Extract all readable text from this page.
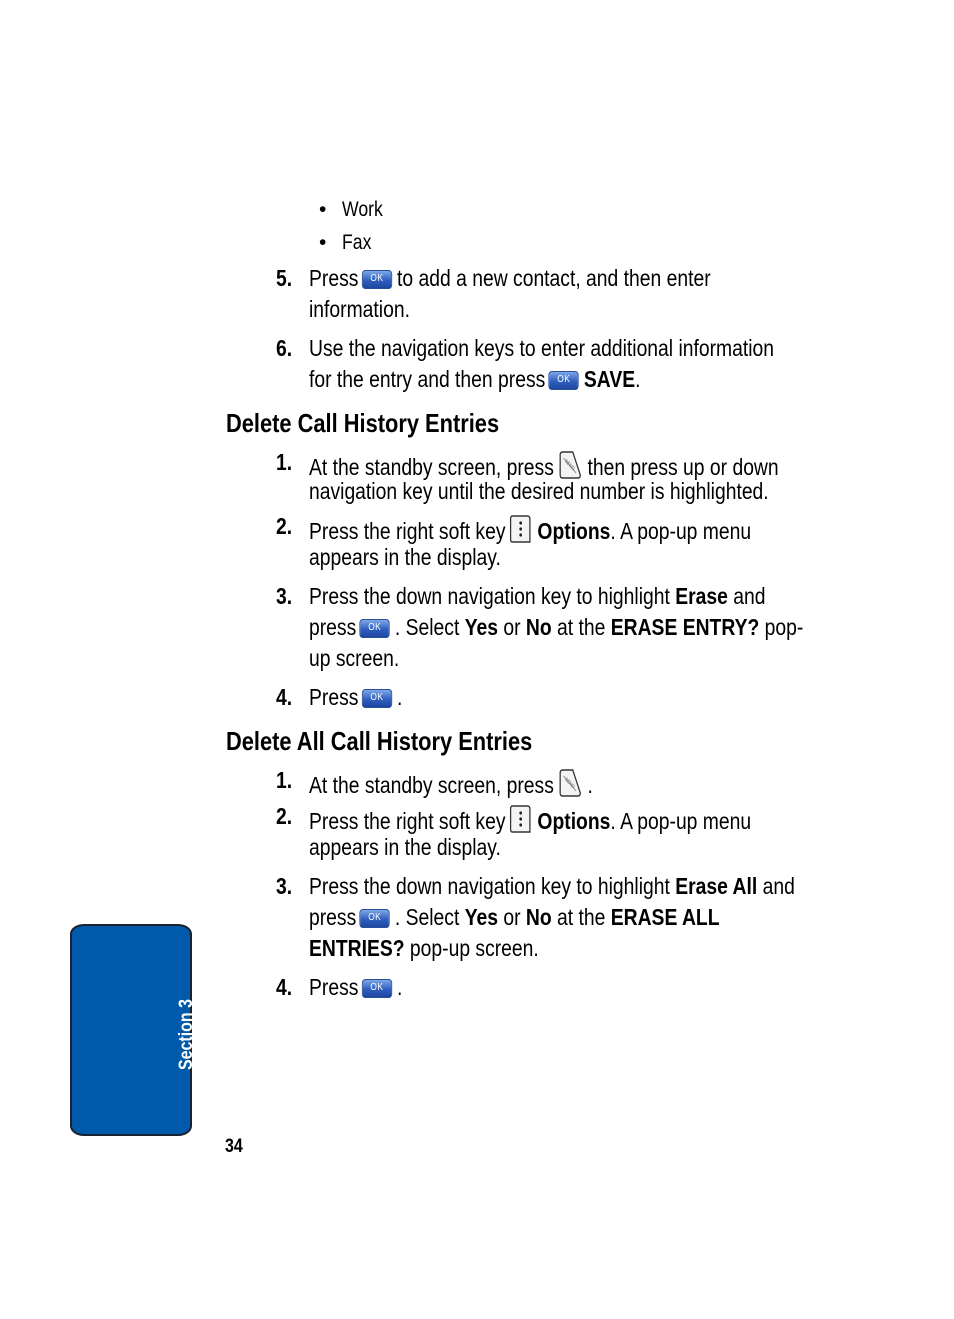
• Work
• Fax
5. Press	OK to add a new contact, and then enter
information.
6. Use the navigation keys to enter additional information
for the entry and then press	OK SAVE.
Delete Call History Entries
1. At the standby screen, press SEND then press up or down
navigation key until the desired number is highlighted.
2. Press the right soft key Options. A pop-up menu
appears in the display.
3. Press the down navigation key to highlight Erase and
press	OK . Select Yes or No at the ERASE ENTRY? pop-
up screen.
4. Press	OK .
Delete All Call History Entries
1. At the standby screen, press SEND .
2. Press the right soft key Options. A pop-up menu
appears in the display.
3. Press the down navigation key to highlight Erase All and
press	OK . Select Yes or No at the ERASE ALL
ENTRIES? pop-up screen.
4. Press	OK .
Section 3
34
